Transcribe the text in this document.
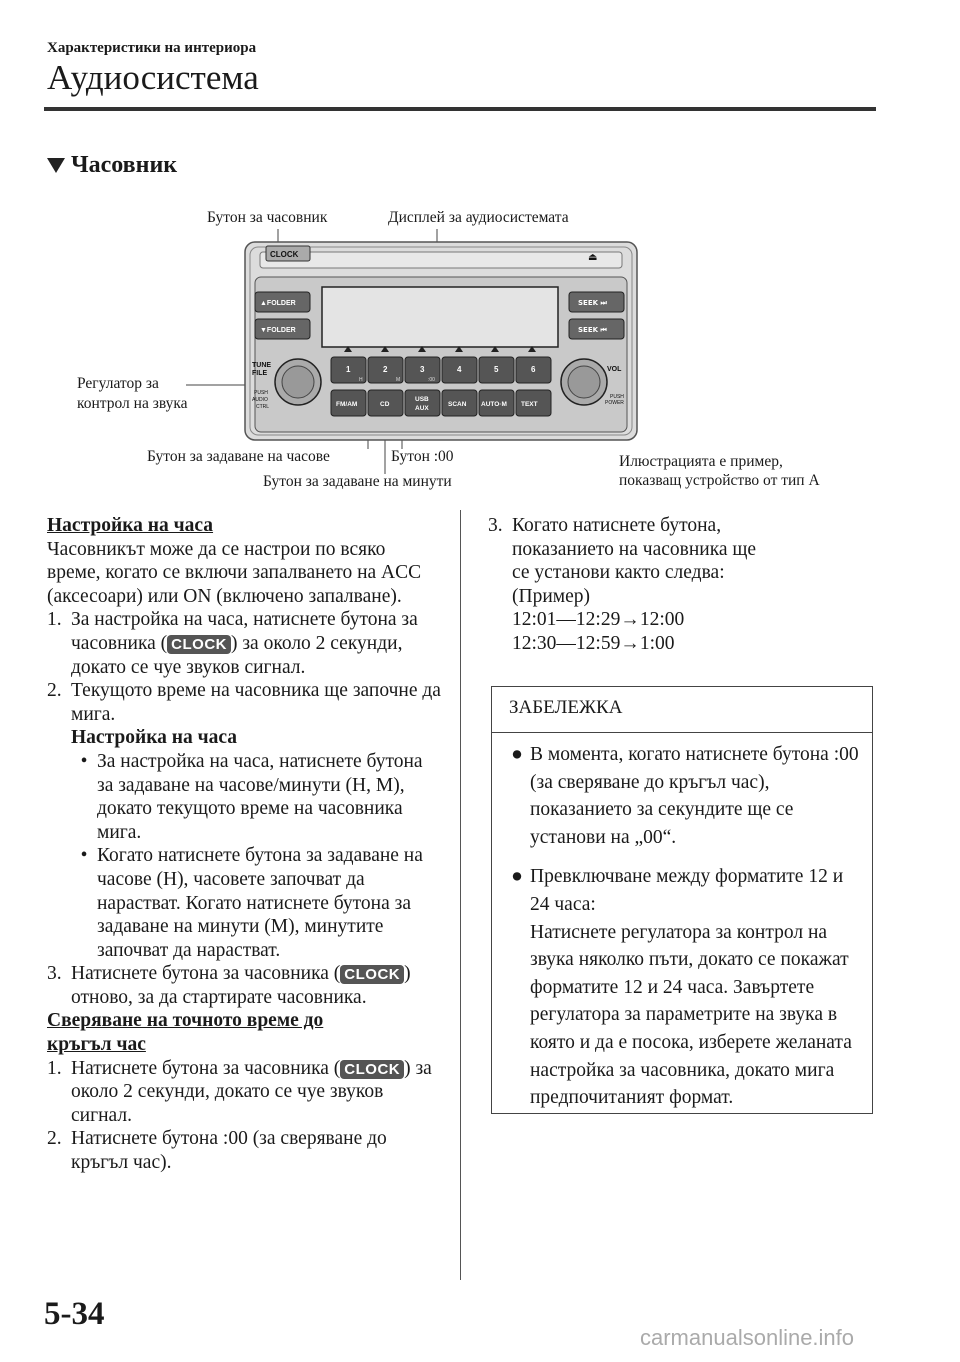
Характеристики на интериора
Аудиосистема
Часовник
Бутон за часовник	Дисплей за аудиосистемата
Регулатор за
контрол на звука
Бутон за задаване на часове	Бутон :00
Бутон за задаване на минути
Илюстрацията е пример,
показващ устройство от тип А
CLOCK	⏏
▲FOLDER
▼FOLDER
SEEK ⏭
SEEK ⏮
TUNE
FILE
PUSH
AUDIO
CTRL
VOL
PUSH
POWER
1	2	3	4	5	6
H	M	:00
FM/AM	CD
USB
AUX
SCAN AUTO·M TEXT

Настройка на часа

Часовникът може да се настрои по всяко време, когато се включи запалването на ACC (аксесоари) или ON (включено запалване).

1. За настройка на часа, натиснете бутона за часовника ( CLOCK ) за около 2 секунди, докато се чуе звуков сигнал.
2. Текущото време на часовника ще започне да мига.
Настройка на часа
• За настройка на часа, натиснете бутона за задаване на часове/минути (H, M), докато текущото време на часовника мига.
• Когато натиснете бутона за задаване на часове (H), часовете започват да нарастват. Когато натиснете бутона за задаване на минути (M), минутите започват да нарастват.
3. Натиснете бутона за часовника ( CLOCK ) отново, за да стартирате часовника.

Сверяване на точното време до
кръгъл час

1. Натиснете бутона за часовника ( CLOCK ) за около 2 секунди, докато се чуе звуков сигнал.
2. Натиснете бутона :00 (за сверяване до кръгъл час).
3. Когато натиснете бутона,
показанието на часовника ще
се установи както следва:
(Пример)
12:01—12:29→12:00
12:30—12:59→1:00
ЗАБЕЛЕЖКА
● В момента, когато натиснете бутона :00 (за сверяване до кръгъл час), показанието за секундите ще се установи на „00“.
● Превключване между форматите 12 и 24 часа:
Натиснете регулатора за контрол на звука няколко пъти, докато се покажат форматите 12 и 24 часа. Завъртете регулатора за параметрите на звука в която и да е посока, изберете желаната настройка за часовника, докато мига предпочитаният формат.
5-34
carmanualsonline.info
